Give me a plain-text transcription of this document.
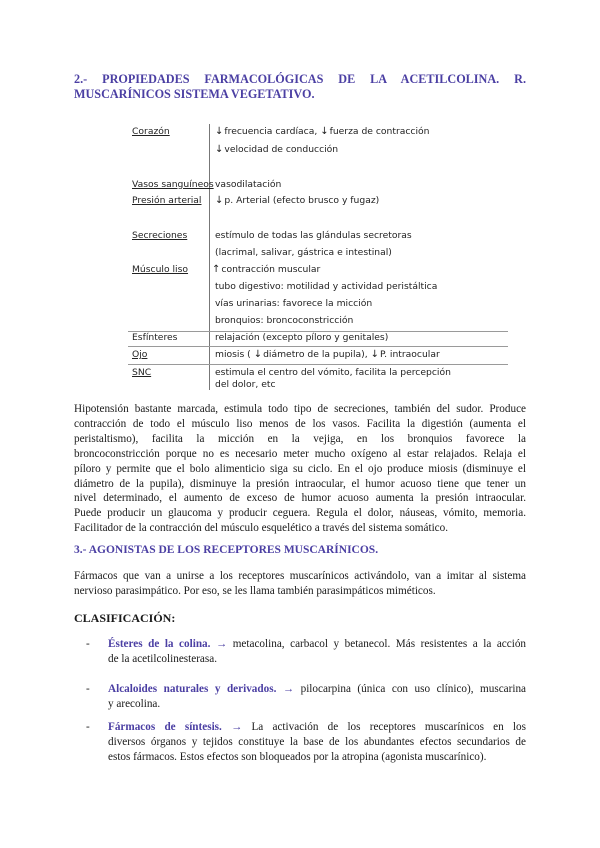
2.- PROPIEDADES FARMACOLÓGICAS DE LA ACETILCOLINA. R.
MUSCARÍNICOS SISTEMA VEGETATIVO.
Corazón	↓frecuencia cardíaca, ↓fuerza de contracción
↓velocidad de conducción
Vasos sanguíneos vasodilatación
Presión arterial ↓p. Arterial (efecto brusco y fugaz)
Secreciones	estímulo de todas las glándulas secretoras
(lacrimal, salivar, gástrica e intestinal)
Músculo liso ↑contracción muscular
tubo digestivo: motilidad y actividad peristáltica
vías urinarias: favorece la micción
bronquios: broncoconstricción
Esfínteres	relajación (excepto píloro y genitales)
Ojo	miosis ( ↓diámetro de la pupila), ↓P. intraocular
SNC	estimula el centro del vómito, facilita la percepción
del dolor, etc
Hipotensión bastante marcada, estimula todo tipo de secreciones, también del sudor. Produce
contracción de todo el músculo liso menos de los vasos. Facilita la digestión (aumenta el
peristaltismo), facilita la micción en la vejiga, en los bronquios favorece la
broncoconstricción porque no es necesario meter mucho oxígeno al estar relajados. Relaja el
píloro y permite que el bolo alimenticio siga su ciclo. En el ojo produce miosis (disminuye el
diámetro de la pupila), disminuye la presión intraocular, el humor acuoso tiene que tener un
nivel determinado, el aumento de exceso de humor acuoso aumenta la presión intraocular.
Puede producir un glaucoma y producir ceguera. Regula el dolor, náuseas, vómito, memoria.
Facilitador de la contracción del músculo esquelético a través del sistema somático.
3.- AGONISTAS DE LOS RECEPTORES MUSCARÍNICOS.
Fármacos que van a unirse a los receptores muscarínicos activándolo, van a imitar al sistema
nervioso parasimpático. Por eso, se les llama también parasimpáticos miméticos.
CLASIFICACIÓN:
- Ésteres de la colina. → metacolina, carbacol y betanecol. Más resistentes a la acción
de la acetilcolinesterasa.
- Alcaloides naturales y derivados. → pilocarpina (única con uso clínico), muscarina
y arecolina.
- Fármacos de síntesis. → La activación de los receptores muscarínicos en los
diversos órganos y tejidos constituye la base de los abundantes efectos secundarios de
estos fármacos. Estos efectos son bloqueados por la atropina (agonista muscarínico).
